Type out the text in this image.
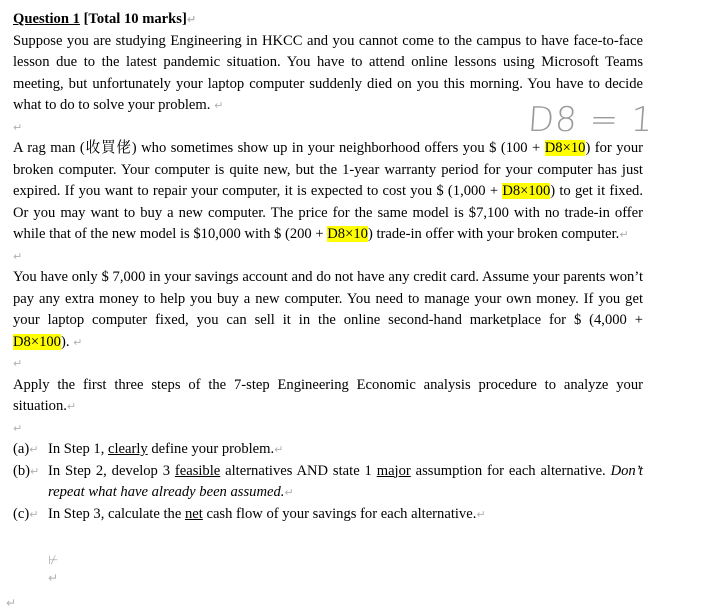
Question 1 [Total 10 marks]↵

Suppose you are studying Engineering in HKCC and you cannot come to the campus to have face-to-face lesson due to the latest pandemic situation. You have to attend online lessons using Microsoft Teams meeting, but unfortunately your laptop computer suddenly died on you this morning. You have to decide what to do to solve your problem. ↵

↵

A rag man (收買佬) who sometimes show up in your neighborhood offers you $ (100 + D8×10) for your broken computer. Your computer is quite new, but the 1-year warranty period for your computer has just expired. If you want to repair your computer, it is expected to cost you $ (1,000 + D8×100) to get it fixed. Or you may want to buy a new computer. The price for the same model is $7,100 with no trade-in offer while that of the new model is $10,000 with $ (200 + D8×10) trade-in offer with your broken computer.↵

↵

You have only $ 7,000 in your savings account and do not have any credit card. Assume your parents won’t pay any extra money to help you buy a new computer. You need to manage your own money. If you get your laptop computer fixed, you can sell it in the online second-hand marketplace for $ (4,000 + D8×100). ↵

↵

Apply the first three steps of the 7-step Engineering Economic analysis procedure to analyze your situation.↵

↵
(a)↵ In Step 1, clearly define your problem.↵
(b)↵ In Step 2, develop 3 feasible alternatives AND state 1 major assumption for each alternative. Don’t repeat what have already been assumed.↵
(c)↵ In Step 3, calculate the net cash flow of your savings for each alternative.↵
D8 = 1
⊬
↵
↵
